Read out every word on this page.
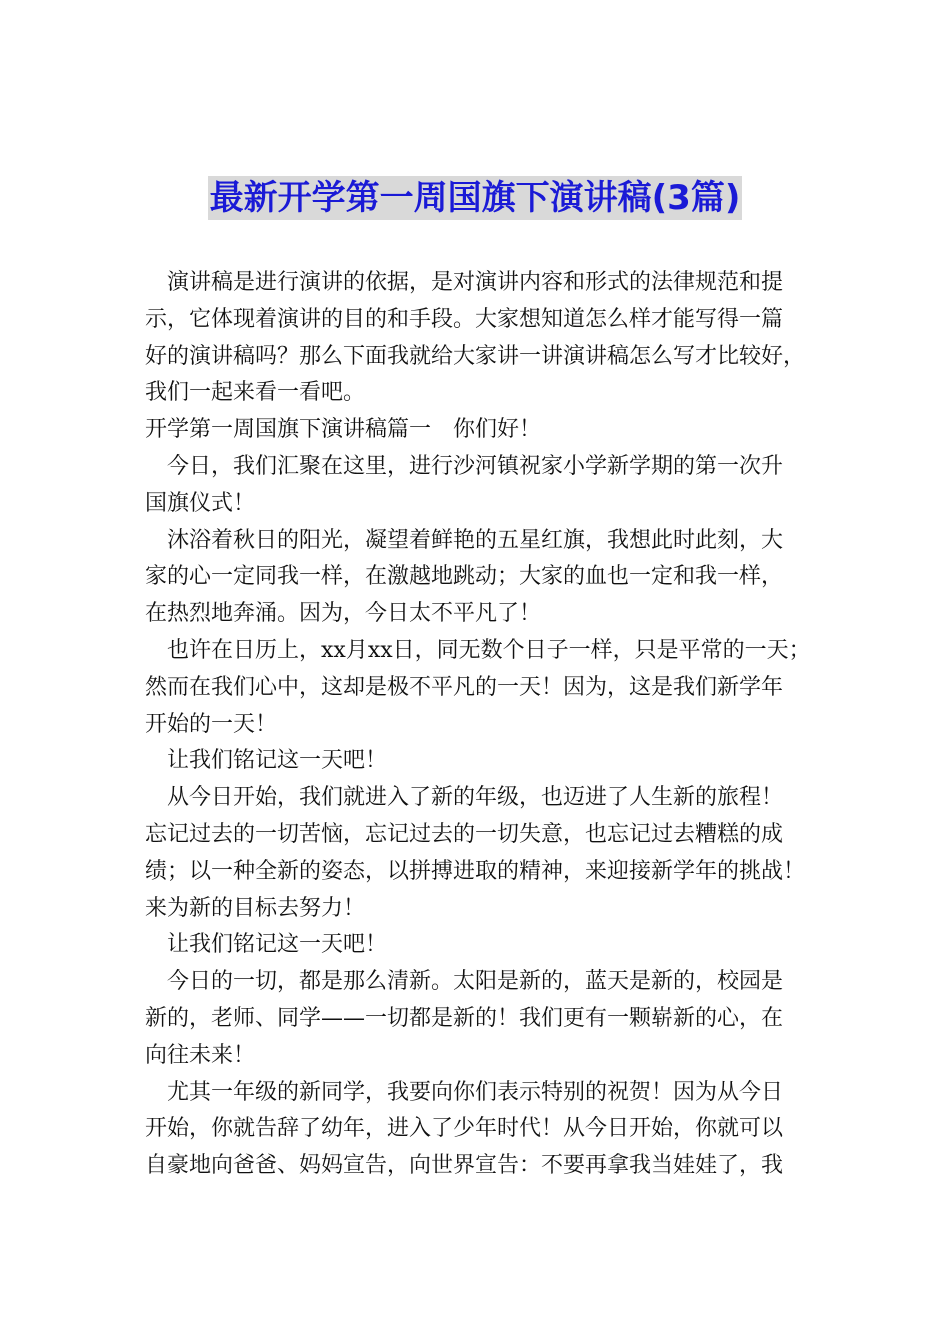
最新开学第一周国旗下演讲稿(3篇)
演讲稿是进行演讲的依据，是对演讲内容和形式的法律规范和提
示，它体现着演讲的目的和手段。大家想知道怎么样才能写得一篇
好的演讲稿吗？那么下面我就给大家讲一讲演讲稿怎么写才比较好，
我们一起来看一看吧。
开学第一周国旗下演讲稿篇一　你们好！
今日，我们汇聚在这里，进行沙河镇祝家小学新学期的第一次升
国旗仪式！
沐浴着秋日的阳光，凝望着鲜艳的五星红旗，我想此时此刻，大
家的心一定同我一样，在激越地跳动；大家的血也一定和我一样，
在热烈地奔涌。因为，今日太不平凡了！
也许在日历上，xx月xx日，同无数个日子一样，只是平常的一天；
然而在我们心中，这却是极不平凡的一天！因为，这是我们新学年
开始的一天！
让我们铭记这一天吧！
从今日开始，我们就进入了新的年级，也迈进了人生新的旅程！
忘记过去的一切苦恼，忘记过去的一切失意，也忘记过去糟糕的成
绩；以一种全新的姿态，以拼搏进取的精神，来迎接新学年的挑战！
来为新的目标去努力！
让我们铭记这一天吧！
今日的一切，都是那么清新。太阳是新的，蓝天是新的，校园是
新的，老师、同学——一切都是新的！我们更有一颗崭新的心，在
向往未来！
尤其一年级的新同学，我要向你们表示特别的祝贺！因为从今日
开始，你就告辞了幼年，进入了少年时代！从今日开始，你就可以
自豪地向爸爸、妈妈宣告，向世界宣告：不要再拿我当娃娃了，我
